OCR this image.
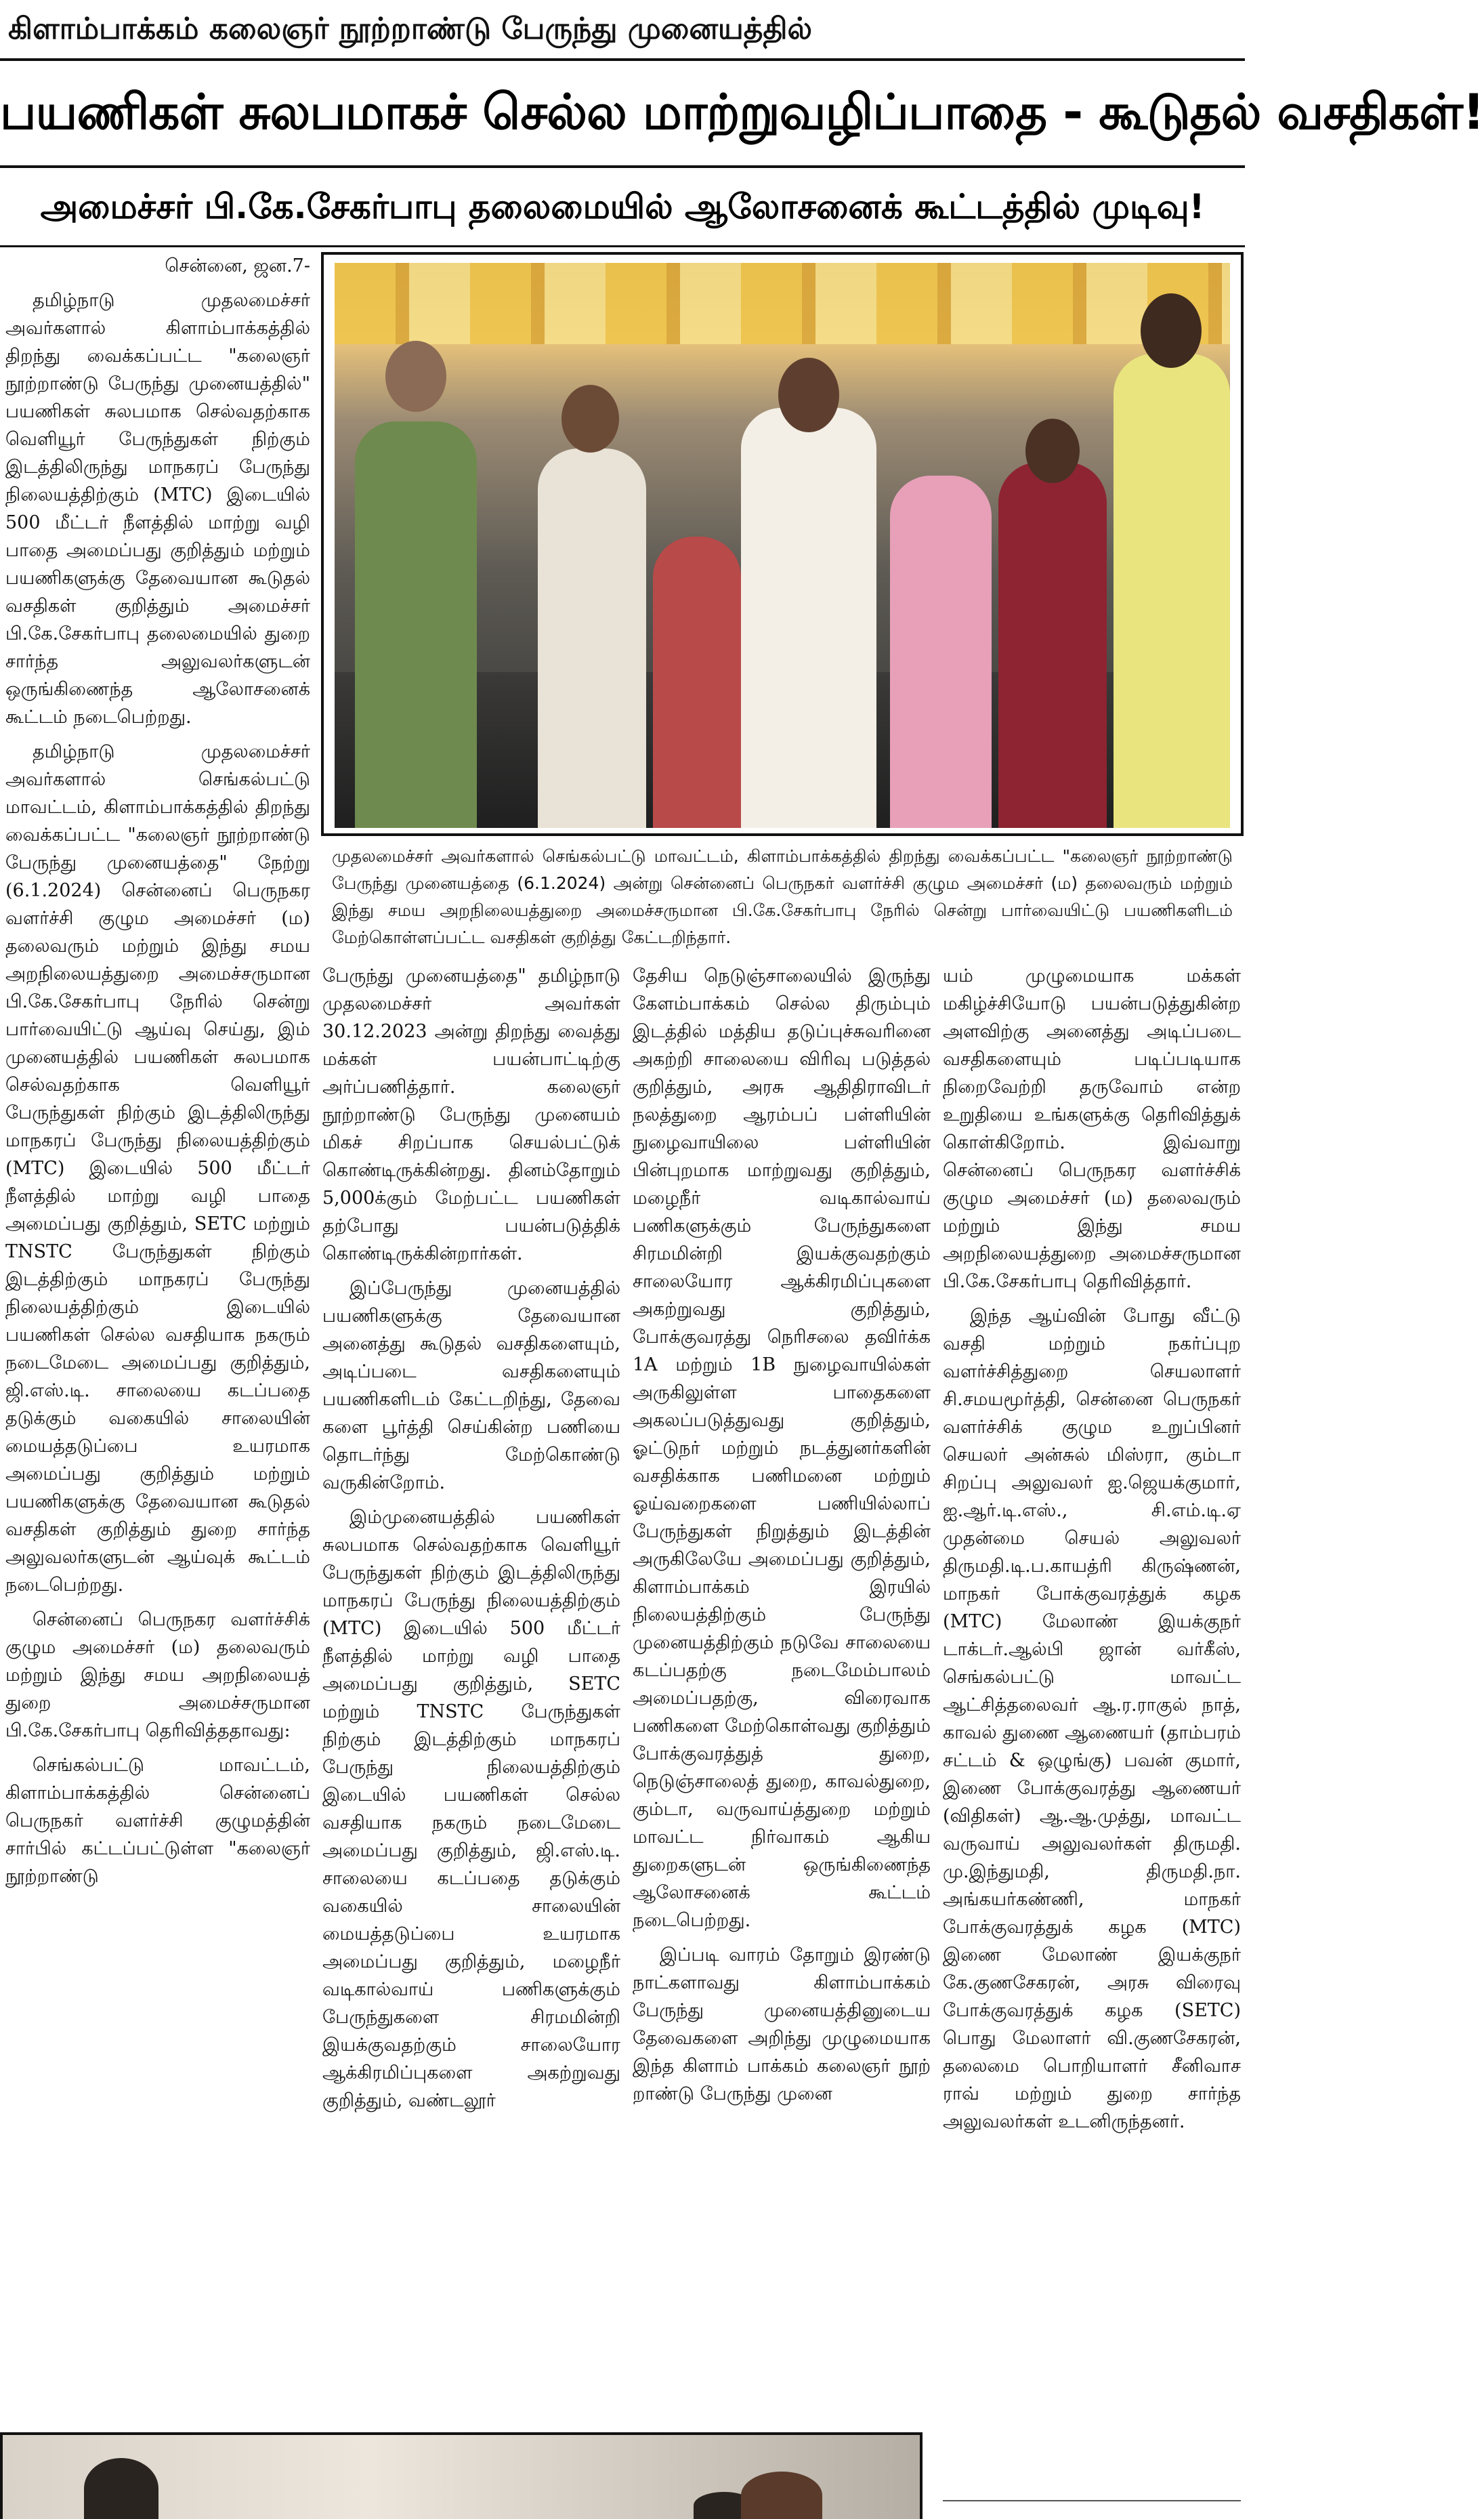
கிளாம்பாக்கம் கலைஞர் நூற்றாண்டு பேருந்து முனையத்தில்
பயணிகள் சுலபமாகச் செல்ல மாற்றுவழிப்பாதை - கூடுதல் வசதிகள்!
அமைச்சர் பி.கே.சேகர்பாபு தலைமையில் ஆலோசனைக் கூட்டத்தில் முடிவு!

சென்னை, ஜன.7-

தமிழ்நாடு முதலமைச்சர் அவர்களால் கிளாம்பாக்கத்தில் திறந்து வைக்கப்பட்ட "கலைஞர் நூற்றாண்டு பேருந்து முனையத்தில்" பயணிகள் சுலபமாக செல்வதற்காக வெளியூர் பேருந்துகள் நிற்கும் இடத்திலிருந்து மாநகரப் பேருந்து நிலையத்திற்கும் (MTC) இடையில் 500 மீட்டர் நீளத்தில் மாற்று வழி பாதை அமைப்பது குறித்தும் மற்றும் பயணிகளுக்கு தேவையான கூடுதல் வசதிகள் குறித்தும் அமைச்சர் பி.கே.சேகர்பாபு தலைமையில் துறை சார்ந்த அலுவலர்களுடன் ஒருங்கிணைந்த ஆலோசனைக் கூட்டம் நடைபெற்றது.

தமிழ்நாடு முதலமைச்சர் அவர்களால் செங்கல்பட்டு மாவட்டம், கிளாம்பாக்கத்தில் திறந்து வைக்கப்பட்ட "கலைஞர் நூற்றாண்டு பேருந்து முனையத்தை" நேற்று (6.1.2024) சென்னைப் பெருநகர வளர்ச்சி குழும அமைச்சர் (ம) தலைவரும் மற்றும் இந்து சமய அறநிலையத்துறை அமைச்சருமான பி.கே.சேகர்பாபு நேரில் சென்று பார்வையிட்டு ஆய்வு செய்து, இம் முனையத்தில் பயணிகள் சுலபமாக செல்வதற்காக வெளியூர் பேருந்துகள் நிற்கும் இடத்திலிருந்து மாநகரப் பேருந்து நிலையத்திற்கும் (MTC) இடையில் 500 மீட்டர் நீளத்தில் மாற்று வழி பாதை அமைப்பது குறித்தும், SETC மற்றும் TNSTC பேருந்துகள் நிற்கும் இடத்திற்கும் மாநகரப் பேருந்து நிலையத்திற்கும் இடையில் பயணிகள் செல்ல வசதியாக நகரும் நடைமேடை அமைப்பது குறித்தும், ஜி.எஸ்.டி. சாலையை கடப்பதை தடுக்கும் வகையில் சாலையின் மையத்தடுப்பை உயரமாக அமைப்பது குறித்தும் மற்றும் பயணிகளுக்கு தேவையான கூடுதல் வசதிகள் குறித்தும் துறை சார்ந்த அலுவலர்களுடன் ஆய்வுக் கூட்டம் நடைபெற்றது.

சென்னைப் பெருநகர வளர்ச்சிக் குழும அமைச்சர் (ம) தலைவரும் மற்றும் இந்து சமய அறநிலையத் துறை அமைச்சருமான பி.கே.சேகர்பாபு தெரிவித்ததாவது:

செங்கல்பட்டு மாவட்டம், கிளாம்பாக்கத்தில் சென்னைப் பெருநகர் வளர்ச்சி குழுமத்தின் சார்பில் கட்டப்பட்டுள்ள "கலைஞர் நூற்றாண்டு

முதலமைச்சர் அவர்களால் செங்கல்பட்டு மாவட்டம், கிளாம்பாக்கத்தில் திறந்து வைக்கப்பட்ட "கலைஞர் நூற்றாண்டு பேருந்து முனையத்தை (6.1.2024) அன்று சென்னைப் பெருநகர் வளர்ச்சி குழும அமைச்சர் (ம) தலைவரும் மற்றும் இந்து சமய அறநிலையத்துறை அமைச்சருமான பி.கே.சேகர்பாபு நேரில் சென்று பார்வையிட்டு பயணிகளிடம் மேற்கொள்ளப்பட்ட வசதிகள் குறித்து கேட்டறிந்தார்.

பேருந்து முனையத்தை" தமிழ்நாடு முதலமைச்சர் அவர்கள் 30.12.2023 அன்று திறந்து வைத்து மக்கள் பயன்பாட்டிற்கு அர்ப்பணித்தார். கலைஞர் நூற்றாண்டு பேருந்து முனையம் மிகச் சிறப்பாக செயல்பட்டுக் கொண்டிருக்கின்றது. தினம்தோறும் 5,000க்கும் மேற்பட்ட பயணிகள் தற்போது பயன்படுத்திக் கொண்டிருக்கின்றார்கள்.

இப்பேருந்து முனையத்தில் பயணிகளுக்கு தேவையான அனைத்து கூடுதல் வசதிகளையும், அடிப்படை வசதிகளையும் பயணிகளிடம் கேட்டறிந்து, தேவை களை பூர்த்தி செய்கின்ற பணியை தொடர்ந்து மேற்கொண்டு வருகின்றோம்.

இம்முனையத்தில் பயணிகள் சுலபமாக செல்வதற்காக வெளியூர் பேருந்துகள் நிற்கும் இடத்திலிருந்து மாநகரப் பேருந்து நிலையத்திற்கும் (MTC) இடையில் 500 மீட்டர் நீளத்தில் மாற்று வழி பாதை அமைப்பது குறித்தும், SETC மற்றும் TNSTC பேருந்துகள் நிற்கும் இடத்திற்கும் மாநகரப் பேருந்து நிலையத்திற்கும் இடையில் பயணிகள் செல்ல வசதியாக நகரும் நடைமேடை அமைப்பது குறித்தும், ஜி.எஸ்.டி. சாலையை கடப்பதை தடுக்கும் வகையில் சாலையின் மையத்தடுப்பை உயரமாக அமைப்பது குறித்தும், மழைநீர் வடிகால்வாய் பணிகளுக்கும் பேருந்துகளை சிரமமின்றி இயக்குவதற்கும் சாலையோர ஆக்கிரமிப்புகளை அகற்றுவது குறித்தும், வண்டலூர்

தேசிய நெடுஞ்சாலையில் இருந்து கேளம்பாக்கம் செல்ல திரும்பும் இடத்தில் மத்திய தடுப்புச்சுவரினை அகற்றி சாலையை விரிவு படுத்தல் குறித்தும், அரசு ஆதிதிராவிடர் நலத்துறை ஆரம்பப் பள்ளியின் நுழைவாயிலை பள்ளியின் பின்புறமாக மாற்றுவது குறித்தும், மழைநீர் வடிகால்வாய் பணிகளுக்கும் பேருந்துகளை சிரமமின்றி இயக்குவதற்கும் சாலையோர ஆக்கிரமிப்புகளை அகற்றுவது குறித்தும், போக்குவரத்து நெரிசலை தவிர்க்க 1A மற்றும் 1B நுழைவாயில்கள் அருகிலுள்ள பாதைகளை அகலப்படுத்துவது குறித்தும், ஓட்டுநர் மற்றும் நடத்துனர்களின் வசதிக்காக பணிமனை மற்றும் ஓய்வறைகளை பணியில்லாப் பேருந்துகள் நிறுத்தும் இடத்தின் அருகிலேயே அமைப்பது குறித்தும், கிளாம்பாக்கம் இரயில் நிலையத்திற்கும் பேருந்து முனையத்திற்கும் நடுவே சாலையை கடப்பதற்கு நடைமேம்பாலம் அமைப்பதற்கு, விரைவாக பணிகளை மேற்கொள்வது குறித்தும் போக்குவரத்துத் துறை, நெடுஞ்சாலைத் துறை, காவல்துறை, கும்டா, வருவாய்த்துறை மற்றும் மாவட்ட நிர்வாகம் ஆகிய துறைகளுடன் ஒருங்கிணைந்த ஆலோசனைக் கூட்டம் நடைபெற்றது.

இப்படி வாரம் தோறும் இரண்டு நாட்களாவது கிளாம்பாக்கம் பேருந்து முனையத்தினுடைய தேவைகளை அறிந்து முழுமையாக இந்த கிளாம் பாக்கம் கலைஞர் நூற் றாண்டு பேருந்து முனை

யம் முழுமையாக மக்கள் மகிழ்ச்சியோடு பயன்படுத்துகின்ற அளவிற்கு அனைத்து அடிப்படை வசதிகளையும் படிப்படியாக நிறைவேற்றி தருவோம் என்ற உறுதியை உங்களுக்கு தெரிவித்துக் கொள்கிறோம். இவ்வாறு சென்னைப் பெருநகர வளர்ச்சிக் குழும அமைச்சர் (ம) தலைவரும் மற்றும் இந்து சமய அறநிலையத்துறை அமைச்சருமான பி.கே.சேகர்பாபு தெரிவித்தார்.

இந்த ஆய்வின் போது வீட்டு வசதி மற்றும் நகர்ப்புற வளர்ச்சித்துறை செயலாளர் சி.சமயமூர்த்தி, சென்னை பெருநகர் வளர்ச்சிக் குழும உறுப்பினர் செயலர் அன்சுல் மிஸ்ரா, கும்டா சிறப்பு அலுவலர் ஐ.ஜெயக்குமார், ஐ.ஆர்.டி.எஸ்., சி.எம்.டி.ஏ முதன்மை செயல் அலுவலர் திருமதி.டி.ப.காயத்ரி கிருஷ்ணன், மாநகர் போக்குவரத்துக் கழக (MTC) மேலாண் இயக்குநர் டாக்டர்.ஆல்பி ஜான் வர்கீஸ், செங்கல்பட்டு மாவட்ட ஆட்சித்தலைவர் ஆ.ர.ராகுல் நாத், காவல் துணை ஆணையர் (தாம்பரம் சட்டம் & ஒழுங்கு) பவன் குமார், இணை போக்குவரத்து ஆணையர் (விதிகள்) ஆ.ஆ.முத்து, மாவட்ட வருவாய் அலுவலர்கள் திருமதி. மு.இந்துமதி, திருமதி.நா. அங்கயர்கண்ணி, மாநகர் போக்குவரத்துக் கழக (MTC) இணை மேலாண் இயக்குநர் கே.குணசேகரன், அரசு விரைவு போக்குவரத்துக் கழக (SETC) பொது மேலாளர் வி.குணசேகரன், தலைமை பொறியாளர் சீனிவாச ராவ் மற்றும் துறை சார்ந்த அலுவலர்கள் உடனிருந்தனர்.
